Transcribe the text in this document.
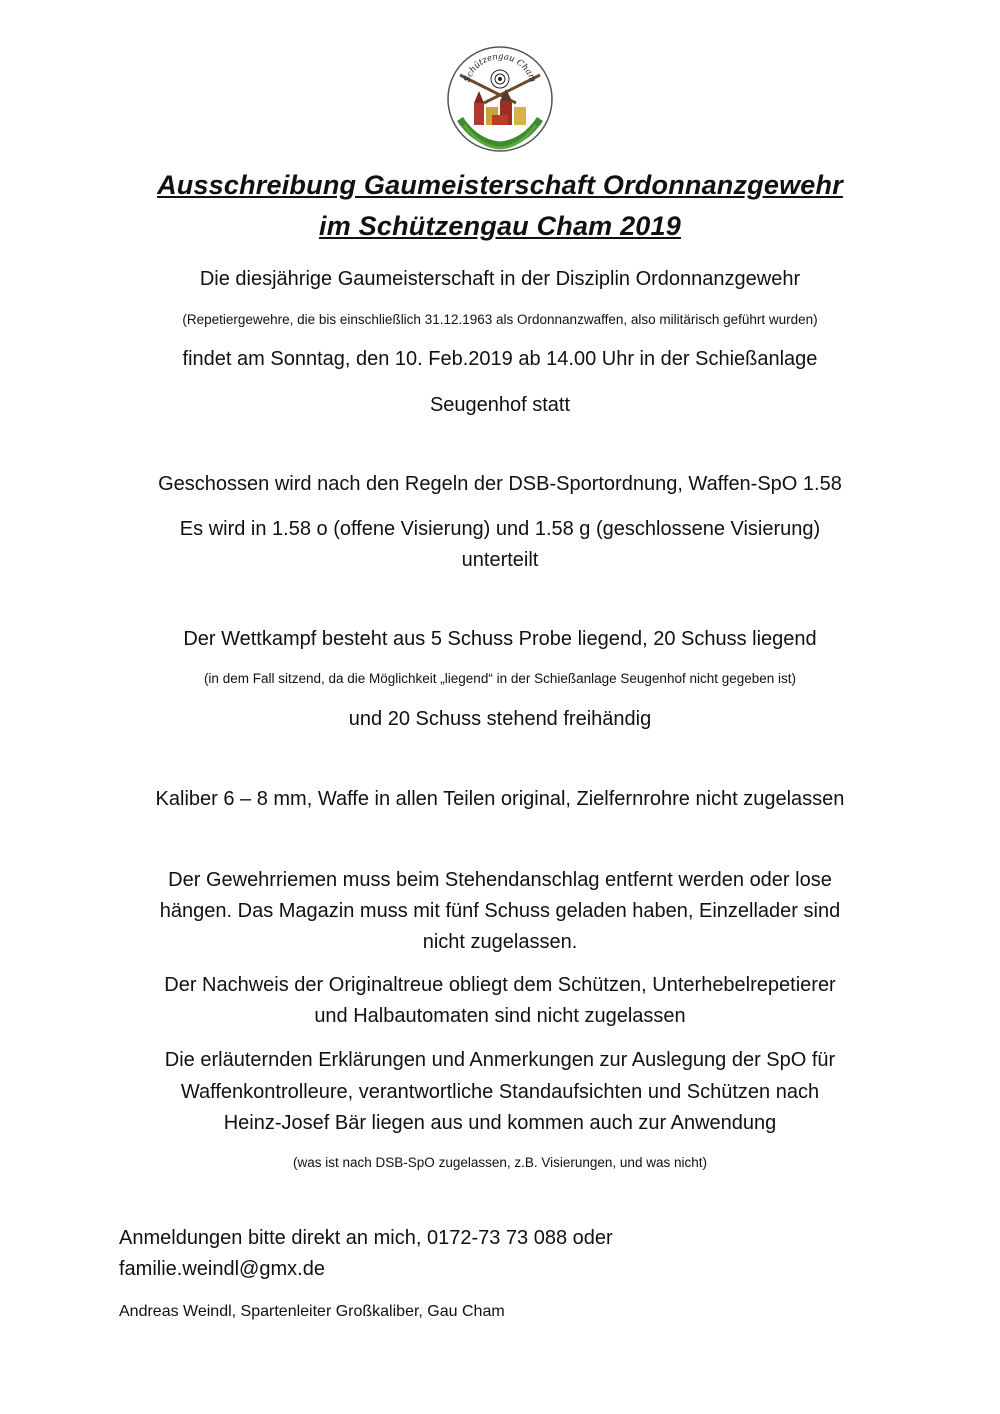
Schützengau Cham
Ausschreibung Gaumeisterschaft Ordonnanzgewehr
im Schützengau Cham 2019
Die diesjährige Gaumeisterschaft in der Disziplin Ordonnanzgewehr
(Repetiergewehre, die bis einschließlich 31.12.1963 als Ordonnanzwaffen, also militärisch geführt wurden)
findet am Sonntag, den 10. Feb.2019 ab 14.00 Uhr in der Schießanlage
Seugenhof statt
Geschossen wird nach den Regeln der DSB-Sportordnung, Waffen-SpO 1.58
Es wird in 1.58 o (offene Visierung) und 1.58 g (geschlossene Visierung)
unterteilt
Der Wettkampf besteht aus 5 Schuss Probe liegend, 20 Schuss liegend
(in dem Fall sitzend, da die Möglichkeit „liegend“ in der Schießanlage Seugenhof nicht gegeben ist)
und 20 Schuss stehend freihändig
Kaliber 6 – 8 mm, Waffe in allen Teilen original, Zielfernrohre nicht zugelassen
Der Gewehrriemen muss beim Stehendanschlag entfernt werden oder lose
hängen. Das Magazin muss mit fünf Schuss geladen haben, Einzellader sind
nicht zugelassen.
Der Nachweis der Originaltreue obliegt dem Schützen, Unterhebelrepetierer
und Halbautomaten sind nicht zugelassen
Die erläuternden Erklärungen und Anmerkungen zur Auslegung der SpO für
Waffenkontrolleure, verantwortliche Standaufsichten und Schützen nach
Heinz-Josef Bär liegen aus und kommen auch zur Anwendung
(was ist nach DSB-SpO zugelassen, z.B. Visierungen, und was nicht)
Anmeldungen bitte direkt an mich, 0172-73 73 088 oder
familie.weindl@gmx.de
Andreas Weindl, Spartenleiter Großkaliber, Gau Cham
